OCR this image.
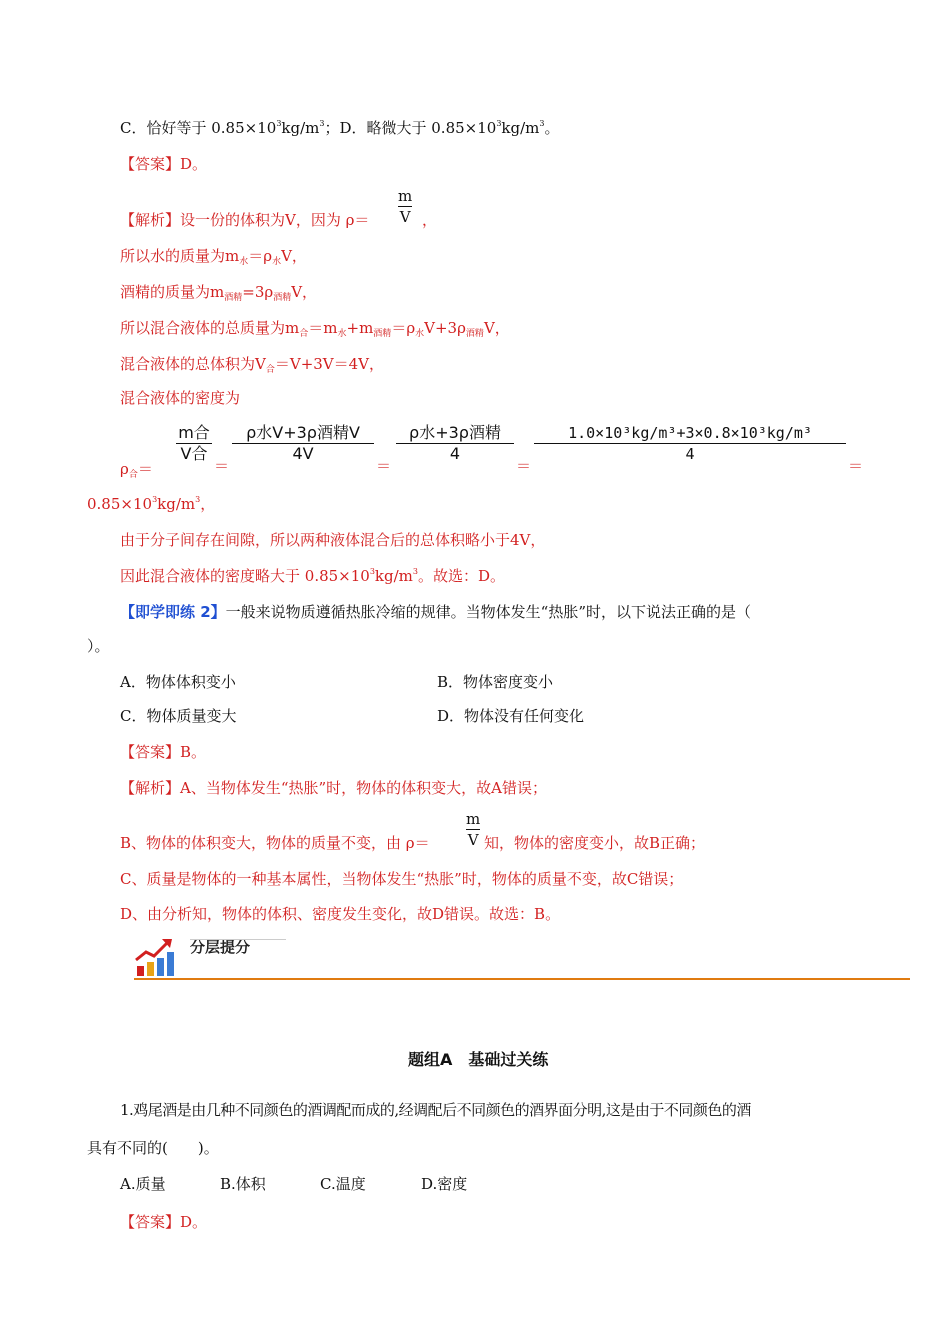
C．恰好等于 $0.85\times 10^3kg/m^3$；D．略微大于 $0.85\times 10^3kg/m^3$。
【答案】D。
【解析】设一份的体积为V，因为 ρ＝
m
V ，
所以水的质量为$m_水=\rho_水V$，
酒精的质量为$m_{酒精}=3\rho_{酒精}V$，
所以混合液体的总质量为$m_合=m_水+m_{酒精}=\rho_水V+3\rho_{酒精}V$，
混合液体的总体积为$V_合=V+3V=4V$，
混合液体的密度为
$\rho_合=$
m合
V合
＝
ρ水V+3ρ酒精V
4V
＝
ρ水+3ρ酒精
4
＝
1.0×10³kg/m³+3×0.8×10³kg/m³
4
＝
$0.85\times 10^3kg/m^3$，
由于分子间存在间隙，所以两种液体混合后的总体积略小于4V，
因此混合液体的密度略大于 $0.85\times 10^3kg/m^3$。故选：D。
【即学即练 2】一般来说物质遵循热胀冷缩的规律。当物体发生“热胀”时，以下说法正确的是（
）。
A．物体体积变小	B．物体密度变小
C．物体质量变大	D．物体没有任何变化
【答案】B。
【解析】A、当物体发生“热胀”时，物体的体积变大，故A错误；
B、物体的体积变大，物体的质量不变，由 ρ＝
m
V 知，物体的密度变小，故B正确；
C、质量是物体的一种基本属性，当物体发生“热胀”时，物体的质量不变，故C错误；
D、由分析知，物体的体积、密度发生变化，故D错误。故选：B。
分层提分
题组A　基础过关练
1.鸡尾酒是由几种不同颜色的酒调配而成的,经调配后不同颜色的酒界面分明,这是由于不同颜色的酒
具有不同的(　　)。
A.质量	B.体积	C.温度	D.密度
【答案】D。
